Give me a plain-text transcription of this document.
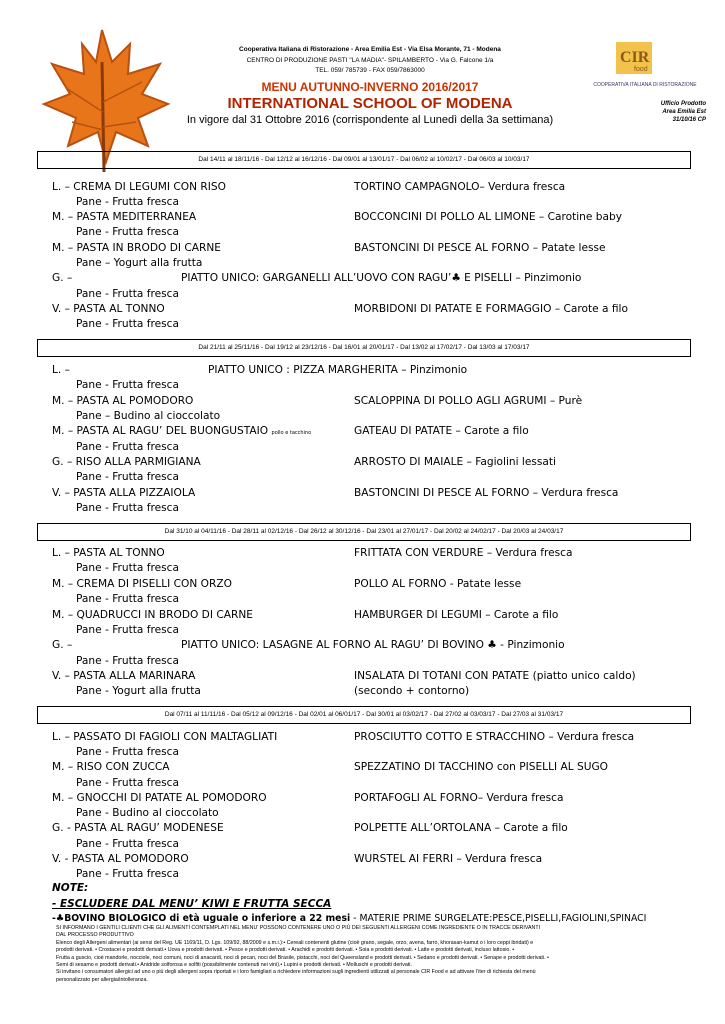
CIR
food
COOPERATIVA ITALIANA DI RISTORAZIONE
Ufficio Prodotto
Area Emilia Est
31/10/16 CP
Cooperativa Italiana di Ristorazione - Area Emilia Est - Via Elsa Morante, 71 - Modena
CENTRO DI PRODUZIONE PASTI "LA MADIA"- SPILAMBERTO - Via G. Falcone 1/a
TEL. 059/ 785739 - FAX 059/7863000
MENU AUTUNNO-INVERNO 2016/2017
INTERNATIONAL SCHOOL OF MODENA
In vigore dal 31 Ottobre 2016 (corrispondente al Lunedì della 3a settimana)
Dal 14/11 al 18/11/16 - Dal 12/12 al 16/12/16 - Dal 09/01 al 13/01/17 - Dal 06/02 al 10/02/17 - Dal 06/03 al 10/03/17
L. – CREMA DI LEGUMI CON RISO	TORTINO CAMPAGNOLO– Verdura fresca
Pane - Frutta fresca
M. – PASTA MEDITERRANEA	BOCCONCINI DI POLLO AL LIMONE – Carotine baby
Pane - Frutta fresca
M. – PASTA IN BRODO DI CARNE	BASTONCINI DI PESCE AL FORNO – Patate lesse
Pane – Yogurt alla frutta
G. –	PIATTO UNICO: GARGANELLI ALL’UOVO CON RAGU’♣ E PISELLI – Pinzimonio
Pane - Frutta fresca
V. – PASTA AL TONNO	MORBIDONI DI PATATE E FORMAGGIO – Carote a filo
Pane - Frutta fresca
Dal 21/11 al 25/11/16 - Dal 19/12 al 23/12/16 - Dal 16/01 al 20/01/17 - Dal 13/02 al 17/02/17 - Dal 13/03 al 17/03/17
L. –	PIATTO UNICO : PIZZA MARGHERITA – Pinzimonio
Pane - Frutta fresca
M. – PASTA AL POMODORO	SCALOPPINA DI POLLO AGLI AGRUMI – Purè
Pane – Budino al cioccolato
M. – PASTA AL RAGU’ DEL BUONGUSTAIO pollo e tacchino	GATEAU DI PATATE – Carote a filo
Pane - Frutta fresca
G. – RISO ALLA PARMIGIANA	ARROSTO DI MAIALE – Fagiolini lessati
Pane - Frutta fresca
V. – PASTA ALLA PIZZAIOLA	BASTONCINI DI PESCE AL FORNO – Verdura fresca
Pane - Frutta fresca
Dal 31/10 al 04/11/16 - Dal 28/11 al 02/12/16 - Dal 26/12 al 30/12/16 - Dal 23/01 al 27/01/17 - Dal 20/02 al 24/02/17 - Dal 20/03 al 24/03/17
L. – PASTA AL TONNO	FRITTATA CON VERDURE – Verdura fresca
Pane - Frutta fresca
M. – CREMA DI PISELLI CON ORZO	POLLO AL FORNO - Patate lesse
Pane - Frutta fresca
M. – QUADRUCCI IN BRODO DI CARNE	HAMBURGER DI LEGUMI – Carote a filo
Pane - Frutta fresca
G. –	PIATTO UNICO: LASAGNE AL FORNO AL RAGU’ DI BOVINO ♣ - Pinzimonio
Pane - Frutta fresca
V. – PASTA ALLA MARINARA	INSALATA DI TOTANI CON PATATE (piatto unico caldo)
(secondo + contorno)
Pane - Yogurt alla frutta
Dal 07/11 al 11/11/16 - Dal 05/12 al 09/12/16 - Dal 02/01 al 06/01/17 - Dal 30/01 al 03/02/17 - Dal 27/02 al 03/03/17 - Dal 27/03 al 31/03/17
L. – PASSATO DI FAGIOLI CON MALTAGLIATI	PROSCIUTTO COTTO E STRACCHINO – Verdura fresca
Pane - Frutta fresca
M. – RISO CON ZUCCA	SPEZZATINO DI TACCHINO con PISELLI AL SUGO
Pane - Frutta fresca
M. – GNOCCHI DI PATATE AL POMODORO	PORTAFOGLI AL FORNO– Verdura fresca
Pane - Budino al cioccolato
G. - PASTA AL RAGU’ MODENESE	POLPETTE ALL’ORTOLANA – Carote a filo
Pane - Frutta fresca
V. - PASTA AL POMODORO	WURSTEL AI FERRI – Verdura fresca
Pane - Frutta fresca
NOTE:
- ESCLUDERE DAL MENU’ KIWI E FRUTTA SECCA
-♣BOVINO BIOLOGICO di età uguale o inferiore a 22 mesi - MATERIE PRIME SURGELATE:PESCE,PISELLI,FAGIOLINI,SPINACI
SI INFORMANO I GENTILI CLIENTI CHE GLI ALIMENTI CONTEMPLATI NEL MENU’ POSSONO CONTENERE UNO O PIÙ DEI SEGUENTI ALLERGENI COME INGREDIENTE O IN TRACCE DERIVANTI
DAL PROCESSO PRODUTTIVO
Elenco degli Allergeni alimentari (ai sensi del Reg. UE 1169/11, D. Lgs. 109/92, 88/2009 e s.m.i.):• Cereali contenenti glutine (cioè grano, segale, orzo, avena, farro, khorasan-kamut o i loro ceppi ibridati) e
prodotti derivati. • Crostacei e prodotti derivati.• Uova e prodotti derivati. • Pesce e prodotti derivati. • Arachidi e prodotti derivati. • Soia e prodotti derivati. • Latte e prodotti derivati, incluso lattosio. •
Frutta a guscio, cioè mandorle, nocciole, noci comuni, noci di anacardi, noci di pecan, noci del Brasile, pistacchi, noci del Queensland e prodotti derivati. • Sedano e prodotti derivati. • Senape e prodotti derivati. •
Semi di sesamo e prodotti derivati.• Anidride solforosa e solfiti (possibilmente contenuti nei vini).• Lupini e prodotti derivati. • Molluschi e prodotti derivati.
Si invitano i consumatori allergici ad uno o più degli allergeni sopra riportati e i loro famigliari a richiedere informazioni sugli ingredienti utilizzati al personale CIR Food e ad attivare l’iter di richiesta del menù
personalizzato per allergia/intolleranza.
